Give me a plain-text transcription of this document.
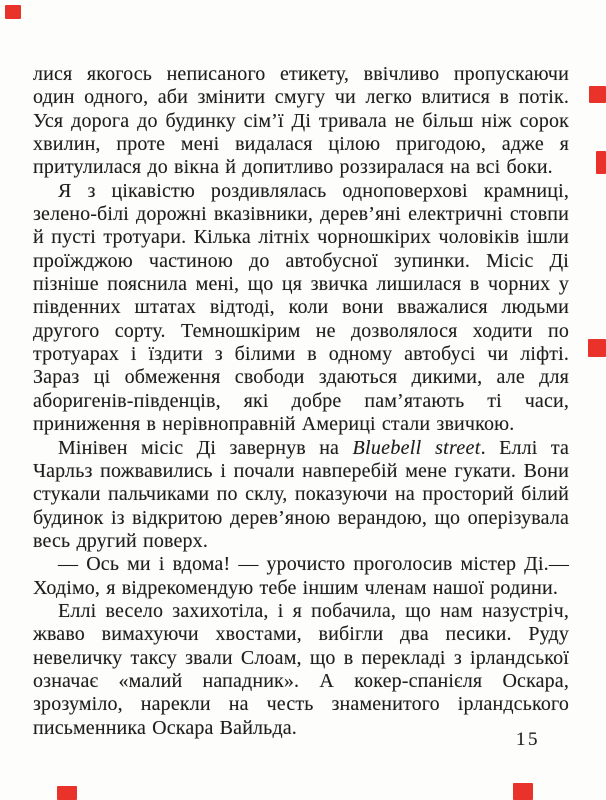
лися якогось неписаного етикету, ввічливо пропускаючи один одного, аби змінити смугу чи легко влитися в потік. Уся дорога до будинку сім’ї Ді тривала не більш ніж сорок хвилин, проте мені видалася цілою пригодою, адже я притулилася до вікна й допитливо роззиралася на всі боки.

Я з цікавістю роздивлялась одноповерхові крамниці, зелено-білі дорожні вказівники, дерев’яні електричні стовпи й пусті тротуари. Кілька літніх чорношкірих чоловіків ішли проїжджою частиною до автобусної зупинки. Місіс Ді пізніше пояснила мені, що ця звичка лишилася в чорних у південних штатах відтоді, коли вони вважалися людьми другого сорту. Темношкірим не дозволялося ходити по тротуарах і їздити з білими в одному автобусі чи ліфті. Зараз ці обмеження свободи здаються дикими, але для аборигенів-південців, які добре пам’ятають ті часи, приниження в нерівноправній Америці стали звичкою.

Мінівен місіс Ді завернув на Bluebell street. Еллі та Чарльз пожвавились і почали навперебій мене гукати. Вони стукали пальчиками по склу, показуючи на просторий білий будинок із відкритою дерев’яною верандою, що оперізувала весь другий поверх.

— Ось ми і вдома! — урочисто проголосив містер Ді.— Ходімо, я відрекомендую тебе іншим членам нашої родини.

Еллі весело захихотіла, і я побачила, що нам назустріч, жваво вимахуючи хвостами, вибігли два песики. Руду невеличку таксу звали Слоам, що в перекладі з ірландської означає «малий нападник». А кокер-спанієля Оскара, зрозуміло, нарекли на честь знаменитого ірландського письменника Оскара Вайльда.

15
